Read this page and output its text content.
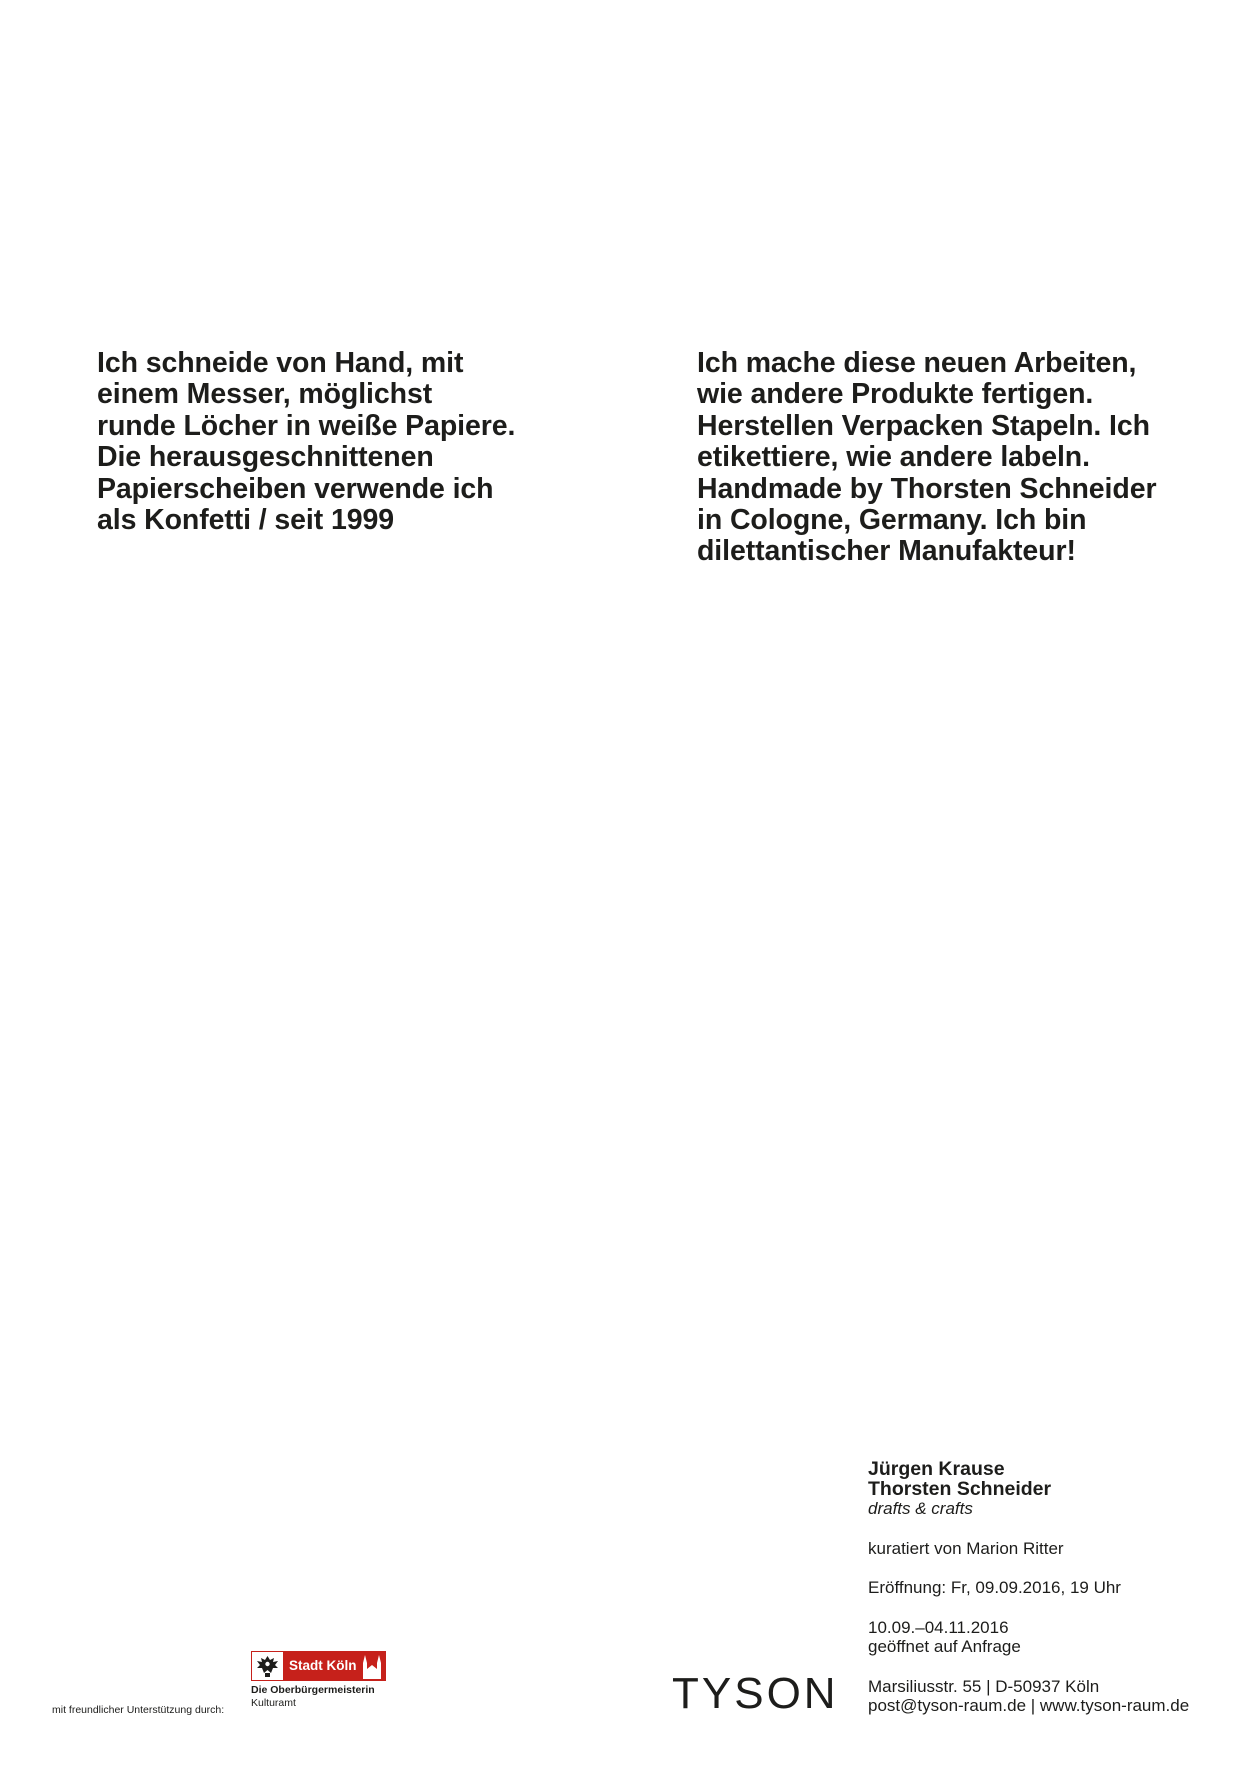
Ich schneide von Hand, mit
einem Messer, möglichst
runde Löcher in weiße Papiere.
Die herausgeschnittenen
Papierscheiben verwende ich
als Konfetti / seit 1999
Ich mache diese neuen Arbeiten,
wie andere Produkte fertigen.
Herstellen Verpacken Stapeln. Ich
etikettiere, wie andere labeln.
Handmade by Thorsten Schneider
in Cologne, Germany. Ich bin
dilettantischer Manufakteur!
Jürgen Krause
Thorsten Schneider
drafts & crafts
kuratiert von Marion Ritter
Eröffnung: Fr, 09.09.2016, 19 Uhr
10.09.–04.11.2016
geöffnet auf Anfrage
Marsiliusstr. 55 | D-50937 Köln
post@tyson-raum.de | www.tyson-raum.de
TYSON
mit freundlicher Unterstützung durch:
Stadt Köln
Die Oberbürgermeisterin
Kulturamt
